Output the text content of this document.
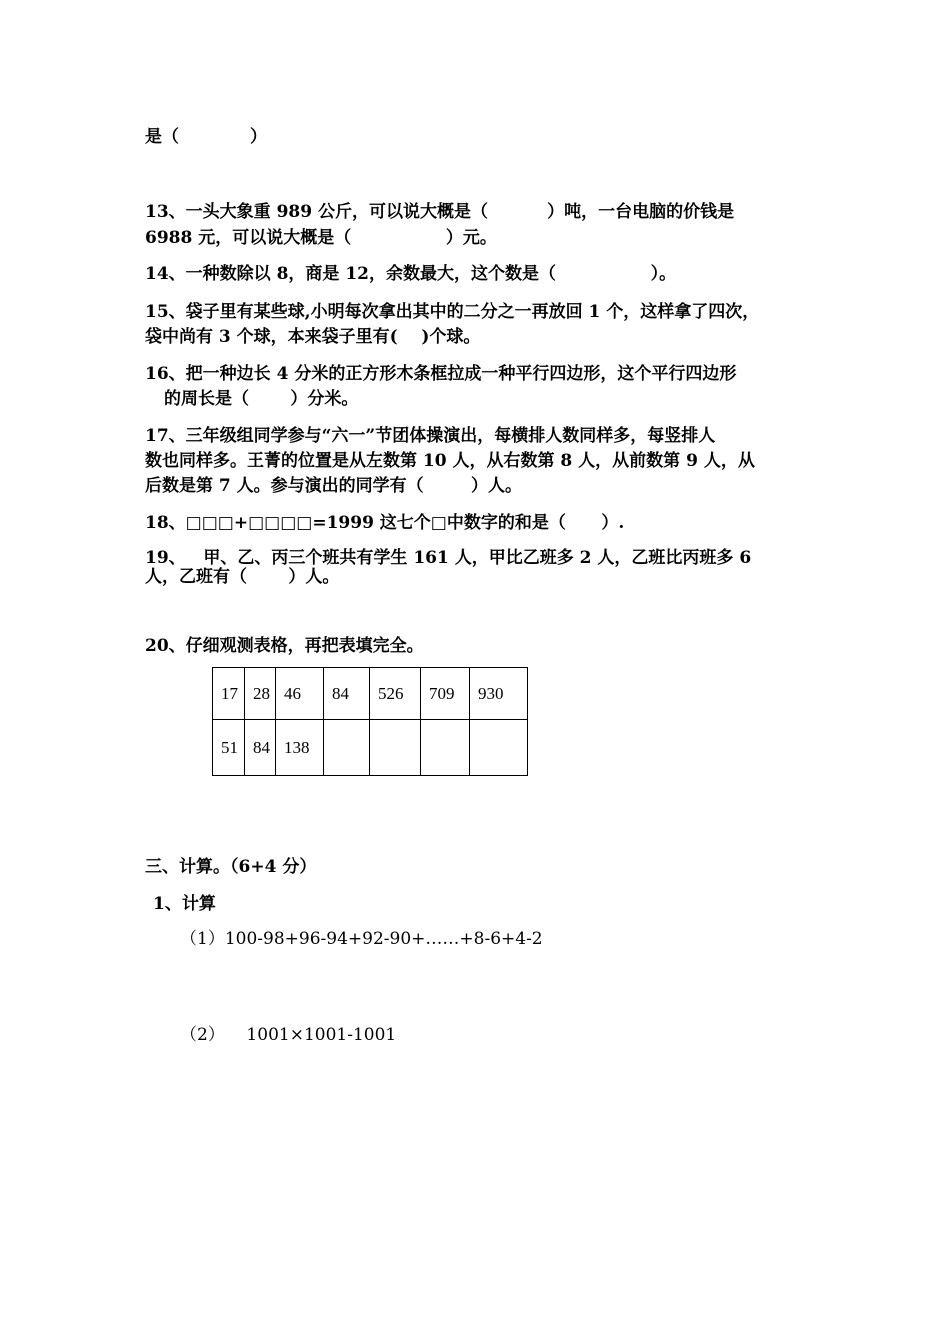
是（            ）
13、一头大象重 989 公斤，可以说大概是（          ）吨，一台电脑的价钱是
6988 元，可以说大概是（                ）元。
14、一种数除以 8，商是 12，余数最大，这个数是（                ）。
15、袋子里有某些球,小明每次拿出其中的二分之一再放回 1 个，这样拿了四次，
袋中尚有 3 个球，本来袋子里有(    )个球。
16、把一种边长 4 分米的正方形木条框拉成一种平行四边形，这个平行四边形
的周长是（       ）分米。
17、三年级组同学参与“六一”节团体操演出，每横排人数同样多，每竖排人
数也同样多。王菁的位置是从左数第 10 人，从右数第 8 人，从前数第 9 人，从
后数是第 7 人。参与演出的同学有（        ）人。
18、□□□+□□□□=1999 这七个□中数字的和是（      ）.
19、   甲、乙、丙三个班共有学生 161 人，甲比乙班多 2 人，乙班比丙班多 6
人，乙班有（       ）人。
20、仔细观测表格，再把表填完全。
17	28	46	84	526	709	930
51	84	138				
三、计算。（6+4 分）
1、计算
（1）100-98+96-94+92-90+……+8-6+4-2
（2）    1001×1001-1001
